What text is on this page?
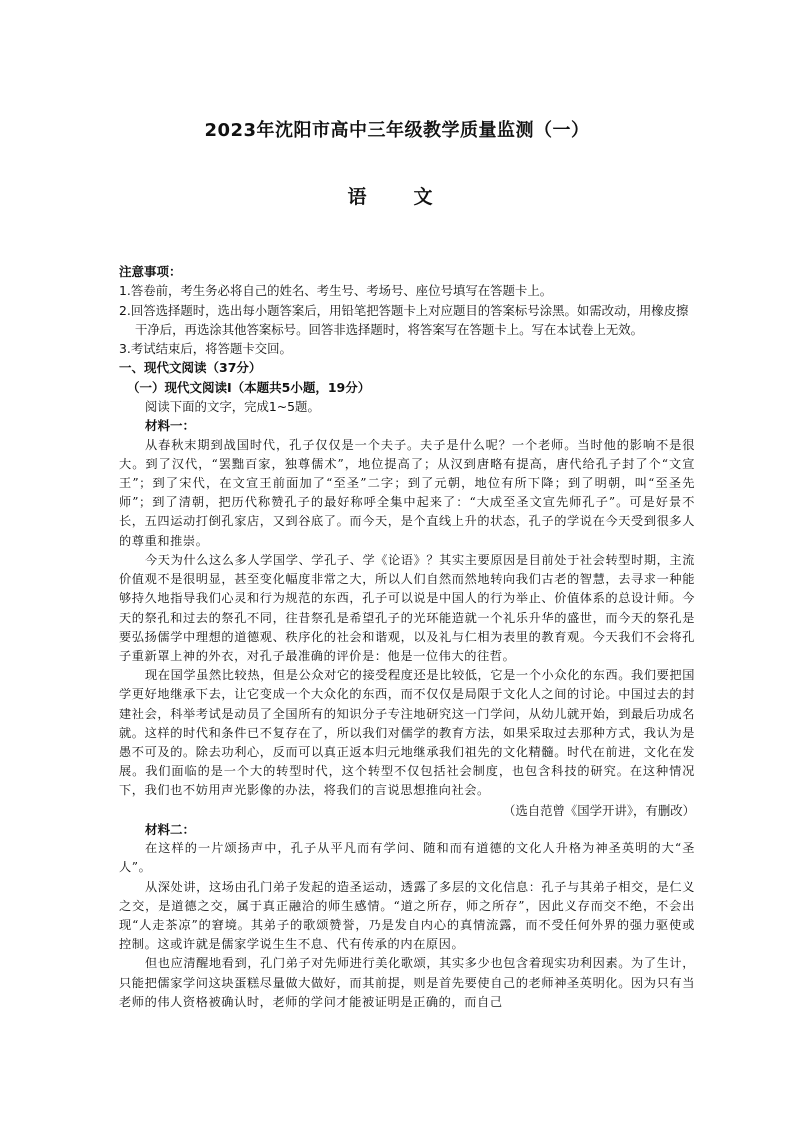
2023年沈阳市高中三年级教学质量监测（一）
语　文

注意事项：

1.答卷前，考生务必将自己的姓名、考生号、考场号、座位号填写在答题卡上。

2.回答选择题时，选出每小题答案后，用铅笔把答题卡上对应题目的答案标号涂黑。如需改动，用橡皮擦干净后，再选涂其他答案标号。回答非选择题时，将答案写在答题卡上。写在本试卷上无效。

3.考试结束后，将答题卡交回。

一、现代文阅读（37分）

（一）现代文阅读Ⅰ（本题共5小题，19分）

阅读下面的文字，完成1~5题。

材料一：

从春秋末期到战国时代，孔子仅仅是一个夫子。夫子是什么呢？一个老师。当时他的影响不是很大。到了汉代，“罢黜百家，独尊儒术”，地位提高了；从汉到唐略有提高，唐代给孔子封了个“文宣王”；到了宋代，在文宣王前面加了“至圣”二字；到了元朝，地位有所下降；到了明朝，叫“至圣先师”；到了清朝，把历代称赞孔子的最好称呼全集中起来了：“大成至圣文宣先师孔子”。可是好景不长，五四运动打倒孔家店，又到谷底了。而今天，是个直线上升的状态，孔子的学说在今天受到很多人的尊重和推崇。

今天为什么这么多人学国学、学孔子、学《论语》？其实主要原因是目前处于社会转型时期，主流价值观不是很明显，甚至变化幅度非常之大，所以人们自然而然地转向我们古老的智慧，去寻求一种能够持久地指导我们心灵和行为规范的东西，孔子可以说是中国人的行为举止、价值体系的总设计师。今天的祭孔和过去的祭孔不同，往昔祭孔是希望孔子的光环能造就一个礼乐升华的盛世，而今天的祭孔是要弘扬儒学中理想的道德观、秩序化的社会和谐观，以及礼与仁相为表里的教育观。今天我们不会将孔子重新罩上神的外衣，对孔子最准确的评价是：他是一位伟大的往哲。

现在国学虽然比较热，但是公众对它的接受程度还是比较低，它是一个小众化的东西。我们要把国学更好地继承下去，让它变成一个大众化的东西，而不仅仅是局限于文化人之间的讨论。中国过去的封建社会，科举考试是动员了全国所有的知识分子专注地研究这一门学问，从幼儿就开始，到最后功成名就。这样的时代和条件已不复存在了，所以我们对儒学的教育方法，如果采取过去那种方式，我认为是愚不可及的。除去功利心，反而可以真正返本归元地继承我们祖先的文化精髓。时代在前进，文化在发展。我们面临的是一个大的转型时代，这个转型不仅包括社会制度，也包含科技的研究。在这种情况下，我们也不妨用声光影像的办法，将我们的言说思想推向社会。

（选自范曾《国学开讲》，有删改）

材料二：

在这样的一片颂扬声中，孔子从平凡而有学问、随和而有道德的文化人升格为神圣英明的大“圣人”。

从深处讲，这场由孔门弟子发起的造圣运动，透露了多层的文化信息：孔子与其弟子相交，是仁义之交，是道德之交，属于真正融洽的师生感情。“道之所存，师之所存”，因此义存而交不绝，不会出现“人走茶凉”的窘境。其弟子的歌颂赞誉，乃是发自内心的真情流露，而不受任何外界的强力驱使或控制。这或许就是儒家学说生生不息、代有传承的内在原因。

但也应清醒地看到，孔门弟子对先师进行美化歌颂，其实多少也包含着现实功利因素。为了生计，只能把儒家学问这块蛋糕尽量做大做好，而其前提，则是首先要使自己的老师神圣英明化。因为只有当老师的伟人资格被确认时，老师的学问才能被证明是正确的，而自己
